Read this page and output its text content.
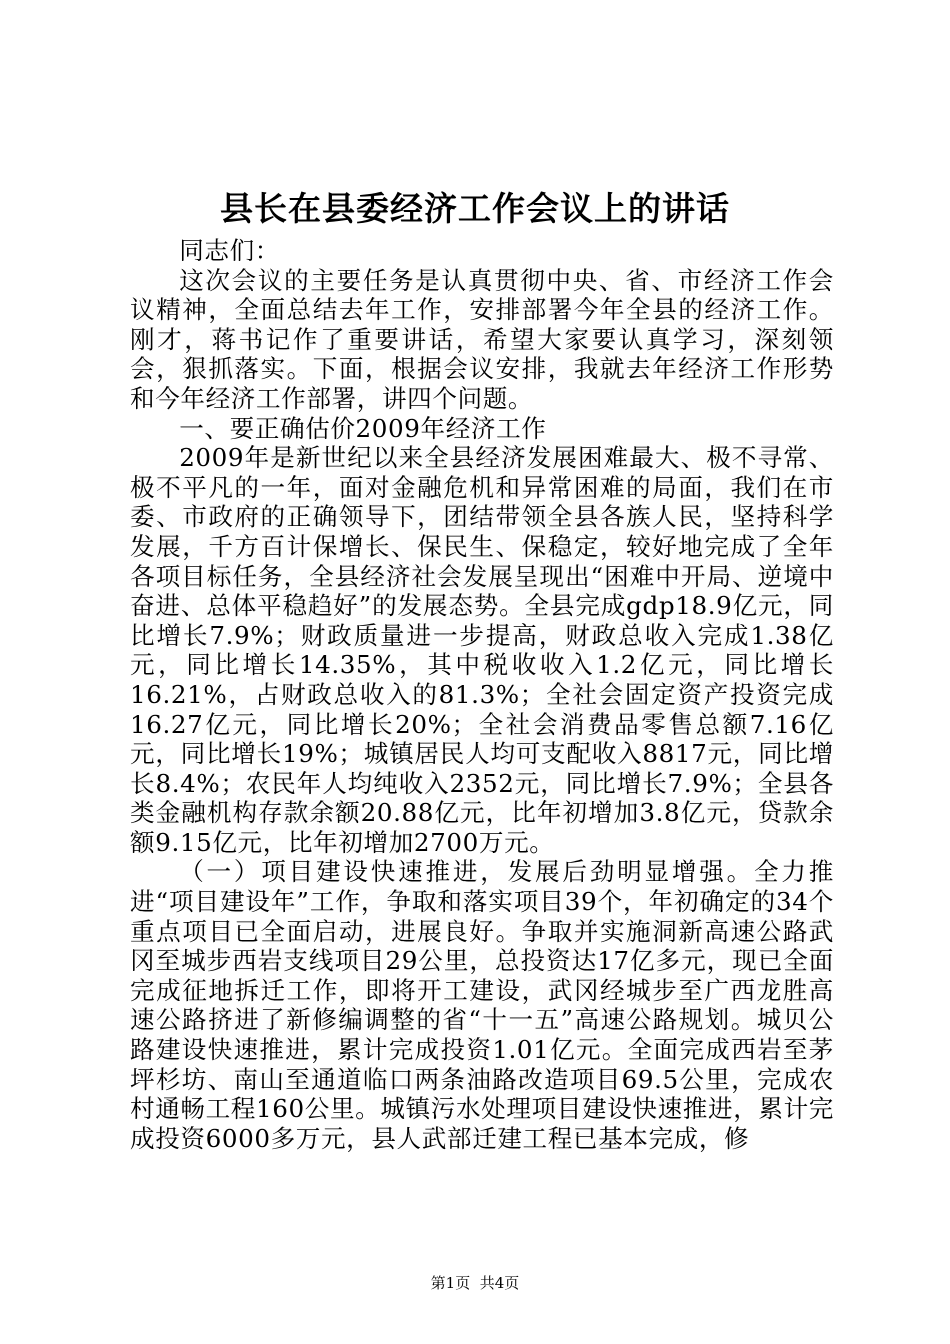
县长在县委经济工作会议上的讲话

同志们：

这次会议的主要任务是认真贯彻中央、省、市经济工作会议精神，全面总结去年工作，安排部署今年全县的经济工作。刚才，蒋书记作了重要讲话，希望大家要认真学习，深刻领会，狠抓落实。下面，根据会议安排，我就去年经济工作形势和今年经济工作部署，讲四个问题。

一、要正确估价2009年经济工作

2009年是新世纪以来全县经济发展困难最大、极不寻常、极不平凡的一年，面对金融危机和异常困难的局面，我们在市委、市政府的正确领导下，团结带领全县各族人民，坚持科学发展，千方百计保增长、保民生、保稳定，较好地完成了全年各项目标任务，全县经济社会发展呈现出“困难中开局、逆境中奋进、总体平稳趋好”的发展态势。全县完成gdp18.9亿元，同比增长7.9%；财政质量进一步提高，财政总收入完成1.38亿元，同比增长14.35%，其中税收收入1.2亿元，同比增长16.21%，占财政总收入的81.3%；全社会固定资产投资完成16.27亿元，同比增长20%；全社会消费品零售总额7.16亿元，同比增长19%；城镇居民人均可支配收入8817元，同比增长8.4%；农民年人均纯收入2352元，同比增长7.9%；全县各类金融机构存款余额20.88亿元，比年初增加3.8亿元，贷款余额9.15亿元，比年初增加2700万元。

（一）项目建设快速推进，发展后劲明显增强。全力推进“项目建设年”工作，争取和落实项目39个，年初确定的34个重点项目已全面启动，进展良好。争取并实施洞新高速公路武冈至城步西岩支线项目29公里，总投资达17亿多元，现已全面完成征地拆迁工作，即将开工建设，武冈经城步至广西龙胜高速公路挤进了新修编调整的省“十一五”高速公路规划。城贝公路建设快速推进，累计完成投资1.01亿元。全面完成西岩至茅坪杉坊、南山至通道临口两条油路改造项目69.5公里，完成农村通畅工程160公里。城镇污水处理项目建设快速推进，累计完成投资6000多万元，县人武部迁建工程已基本完成，修

第1页 共4页
